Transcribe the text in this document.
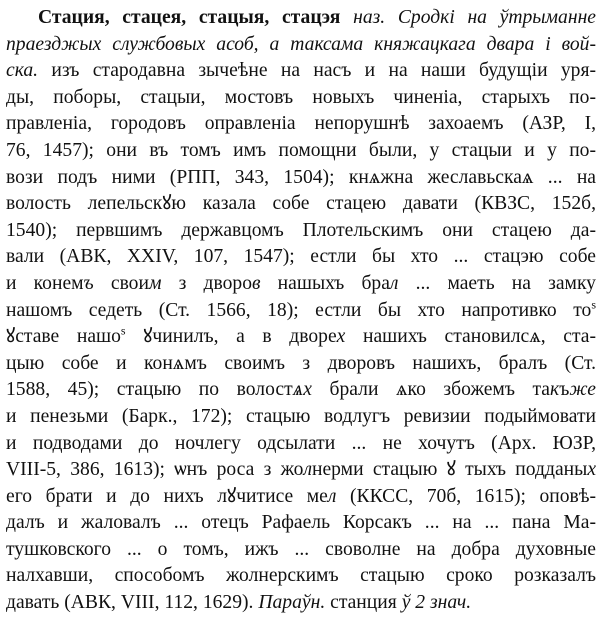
Стация, стацея, стацыя, стацэя наз. Сродкі на ўтрыманне
праезджых службовых асоб, а таксама княжацкага двара і вой-
ска. изъ стародавна зычеѣне на насъ и на наши будущіи уря-
ды, поборы, стацыи, мостовъ новыхъ чиненіа, старыхъ по-
правленіа, городовъ оправленіа непорушнѣ захоаемъ (АЗР, I,
76, 1457); они въ томъ имъ помощни были, у стацыи и у по-
вози подъ ними (РПП, 343, 1504); кнѧжна жеславьскаѧ ... на
волость лепельскꙋю казала собе стацею давати (КВЗС, 152б,
1540); первшимъ державцомъ Плотельскимъ они стацею да-
вали (АВК, XXIV, 107, 1547); естли бы хто ... стацэю собе
и конемъ своим з дворов нашыхъ брал ... маеть на замку
нашомъ седеть (Ст. 1566, 18); естли бы хто напротивко $то^s$
ꙋставе нашо$^s$ ꙋчинилъ, а в дворех нашихъ становилсѧ, ста-
цыю собе и конѧмъ своимъ з дворовъ нашихъ, бралъ (Ст.
1588, 45); стацыю по волостѧх брали ѧко збожемъ такъже
и пенезьми (Барк., 172); стацыю водлугъ ревизии подыймовати
и подводами до ночлегу одсылати ... не хочутъ (Арх. ЮЗР,
VIII-5, 386, 1613); ѡнъ роса з жолнерми стацыю ꙋ тыхъ подданых
его брати и до нихъ лꙋчитисе мел (ККСС, 70б, 1615); оповѣ-
далъ и жаловалъ ... отецъ Рафаель Корсакъ ... на ... пана Ма-
тушковского ... о томъ, ижъ ... своволне на добра духовные
налхавши, способомъ жолнерскимъ стацыю сроко розказалъ
давать (АВК, VIII, 112, 1629). Параўн. станция ў 2 знач.
